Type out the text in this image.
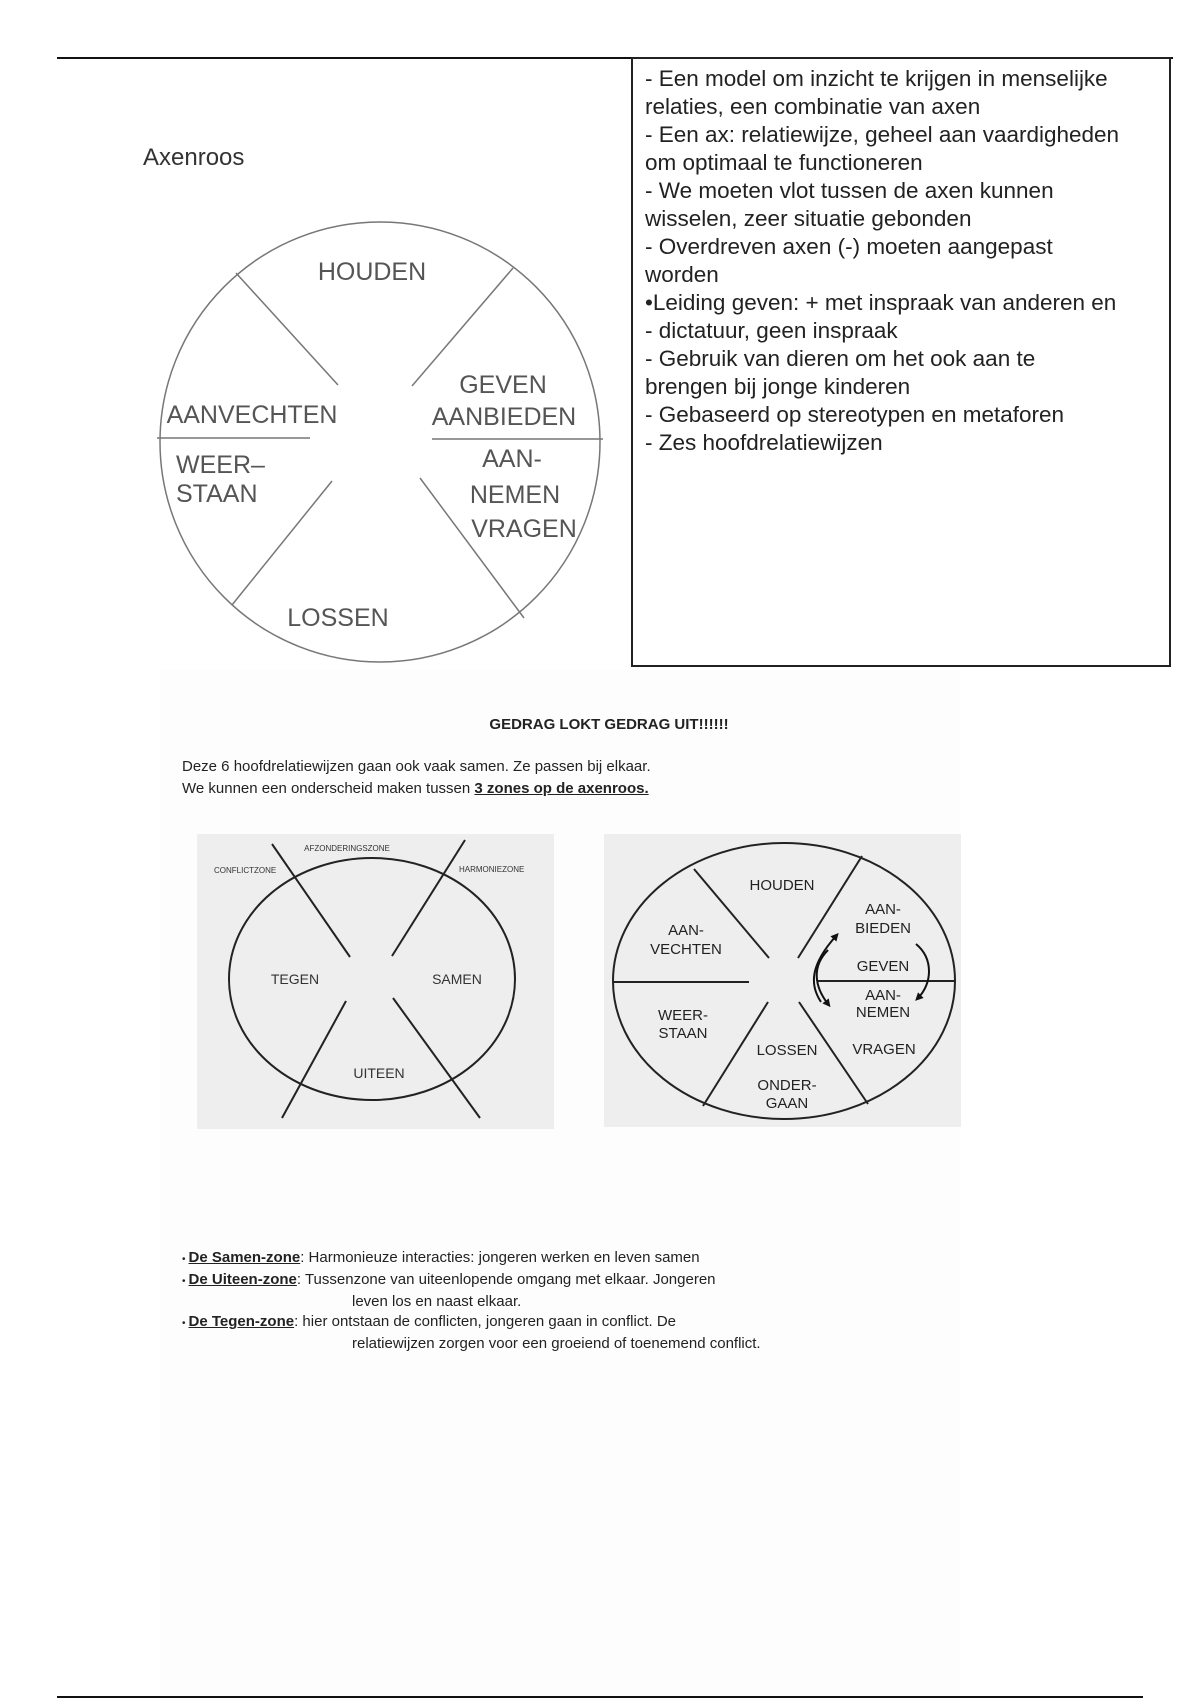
Axenroos
HOUDEN
GEVEN
AANBIEDEN
AANVECHTEN
WEER–
STAAN
AAN-
NEMEN
VRAGEN
LOSSEN
- Een model om inzicht te krijgen in menselijke
relaties, een combinatie van axen
- Een ax: relatiewijze, geheel aan vaardigheden
om optimaal te functioneren
- We moeten vlot tussen de axen kunnen
wisselen, zeer situatie gebonden
- Overdreven axen (-) moeten aangepast
worden
•Leiding geven: + met inspraak van anderen en
- dictatuur, geen inspraak
- Gebruik van dieren om het ook aan te
brengen bij jonge kinderen
- Gebaseerd op stereotypen en metaforen
- Zes hoofdrelatiewijzen
GEDRAG LOKT GEDRAG UIT!!!!!!
Deze 6 hoofdrelatiewijzen gaan ook vaak samen. Ze passen bij elkaar.
We kunnen een onderscheid maken tussen 3 zones op de axenroos.
AFZONDERINGSZONE
CONFLICTZONE	HARMONIEZONE
TEGEN	SAMEN
UITEEN
HOUDEN
AAN-
VECHTEN
AAN-
BIEDEN
GEVEN
AAN-
NEMEN
WEER-
STAAN
LOSSEN VRAGEN
ONDER-
GAAN
• De Samen-zone: Harmonieuze interacties: jongeren werken en leven samen
• De Uiteen-zone: Tussenzone van uiteenlopende omgang met elkaar. Jongeren
leven los en naast elkaar.
• De Tegen-zone: hier ontstaan de conflicten, jongeren gaan in conflict. De
relatiewijzen zorgen voor een groeiend of toenemend conflict.
